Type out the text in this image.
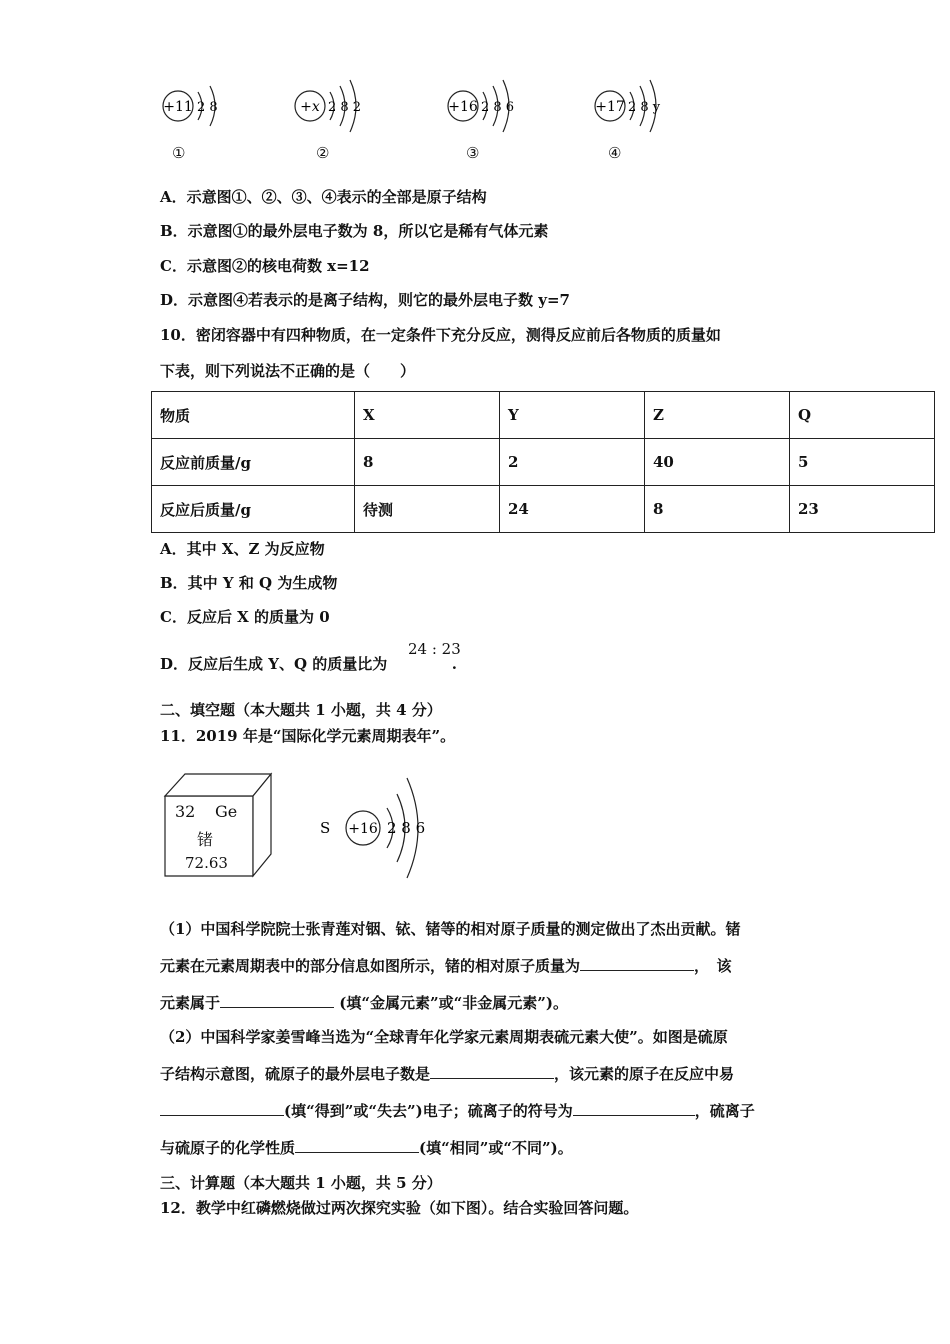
+11 2 8	+x 2 8 2	+16 2 8 6	+17 2 8 y
①	②	③	④
A．示意图①、②、③、④表示的全部是原子结构
B．示意图①的最外层电子数为 8，所以它是稀有气体元素
C．示意图②的核电荷数 x=12
D．示意图④若表示的是离子结构，则它的最外层电子数 y=7
10．密闭容器中有四种物质，在一定条件下充分反应，测得反应前后各物质的质量如
下表，则下列说法不正确的是（　　）
物质	X	Y	Z	Q
反应前质量/g	8	2	40	5
反应后质量/g	待测	24	8	23
A．其中 X、Z 为反应物
B．其中 Y 和 Q 为生成物
C．反应后 X 的质量为 0
D．反应后生成 Y、Q 的质量比为	.
24 : 23
二、填空题（本大题共 1 小题，共 4 分）
11．2019 年是“国际化学元素周期表年”。
32 Ge
锗
72.63
S +16 2 8 6
（1）中国科学院院士张青莲对铟、铱、锗等的相对原子质量的测定做出了杰出贡献。锗
元素在元素周期表中的部分信息如图所示，锗的相对原子质量为	，　该
元素属于	(填“金属元素”或“非金属元素”)。
（2）中国科学家姜雪峰当选为“全球青年化学家元素周期表硫元素大使”。如图是硫原
子结构示意图，硫原子的最外层电子数是	，该元素的原子在反应中易
(填“得到”或“失去”)电子；硫离子的符号为	，硫离子
与硫原子的化学性质	(填“相同”或“不同”)。
三、计算题（本大题共 1 小题，共 5 分）
12．教学中红磷燃烧做过两次探究实验（如下图）。结合实验回答问题。
